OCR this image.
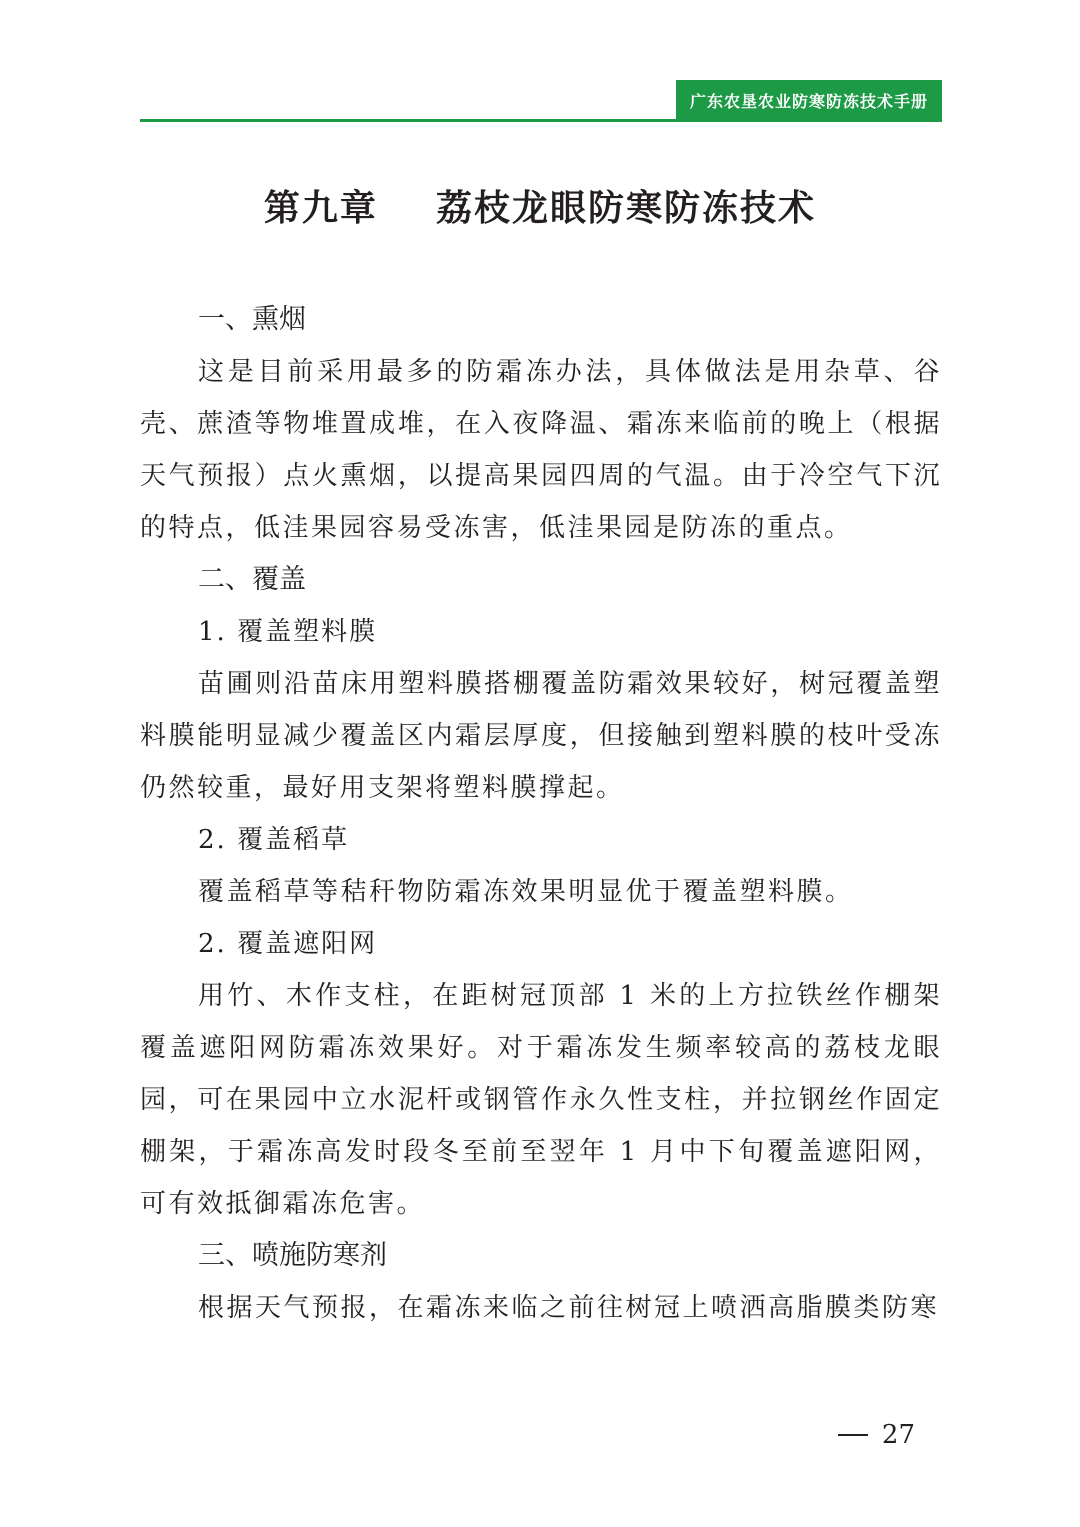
广东农垦农业防寒防冻技术手册
第九章    荔枝龙眼防寒防冻技术
一、熏烟
这是目前采用最多的防霜冻办法，具体做法是用杂草、谷壳、蔗渣等物堆置成堆，在入夜降温、霜冻来临前的晚上（根据天气预报）点火熏烟，以提高果园四周的气温。由于冷空气下沉的特点，低洼果园容易受冻害，低洼果园是防冻的重点。
二、覆盖
1. 覆盖塑料膜
苗圃则沿苗床用塑料膜搭棚覆盖防霜效果较好，树冠覆盖塑料膜能明显减少覆盖区内霜层厚度，但接触到塑料膜的枝叶受冻仍然较重，最好用支架将塑料膜撑起。
2. 覆盖稻草
覆盖稻草等秸秆物防霜冻效果明显优于覆盖塑料膜。
2. 覆盖遮阳网
用竹、木作支柱，在距树冠顶部 1 米的上方拉铁丝作棚架覆盖遮阳网防霜冻效果好。对于霜冻发生频率较高的荔枝龙眼园，可在果园中立水泥杆或钢管作永久性支柱，并拉钢丝作固定棚架，于霜冻高发时段冬至前至翌年 1 月中下旬覆盖遮阳网，可有效抵御霜冻危害。
三、喷施防寒剂
根据天气预报，在霜冻来临之前往树冠上喷洒高脂膜类防寒
27
